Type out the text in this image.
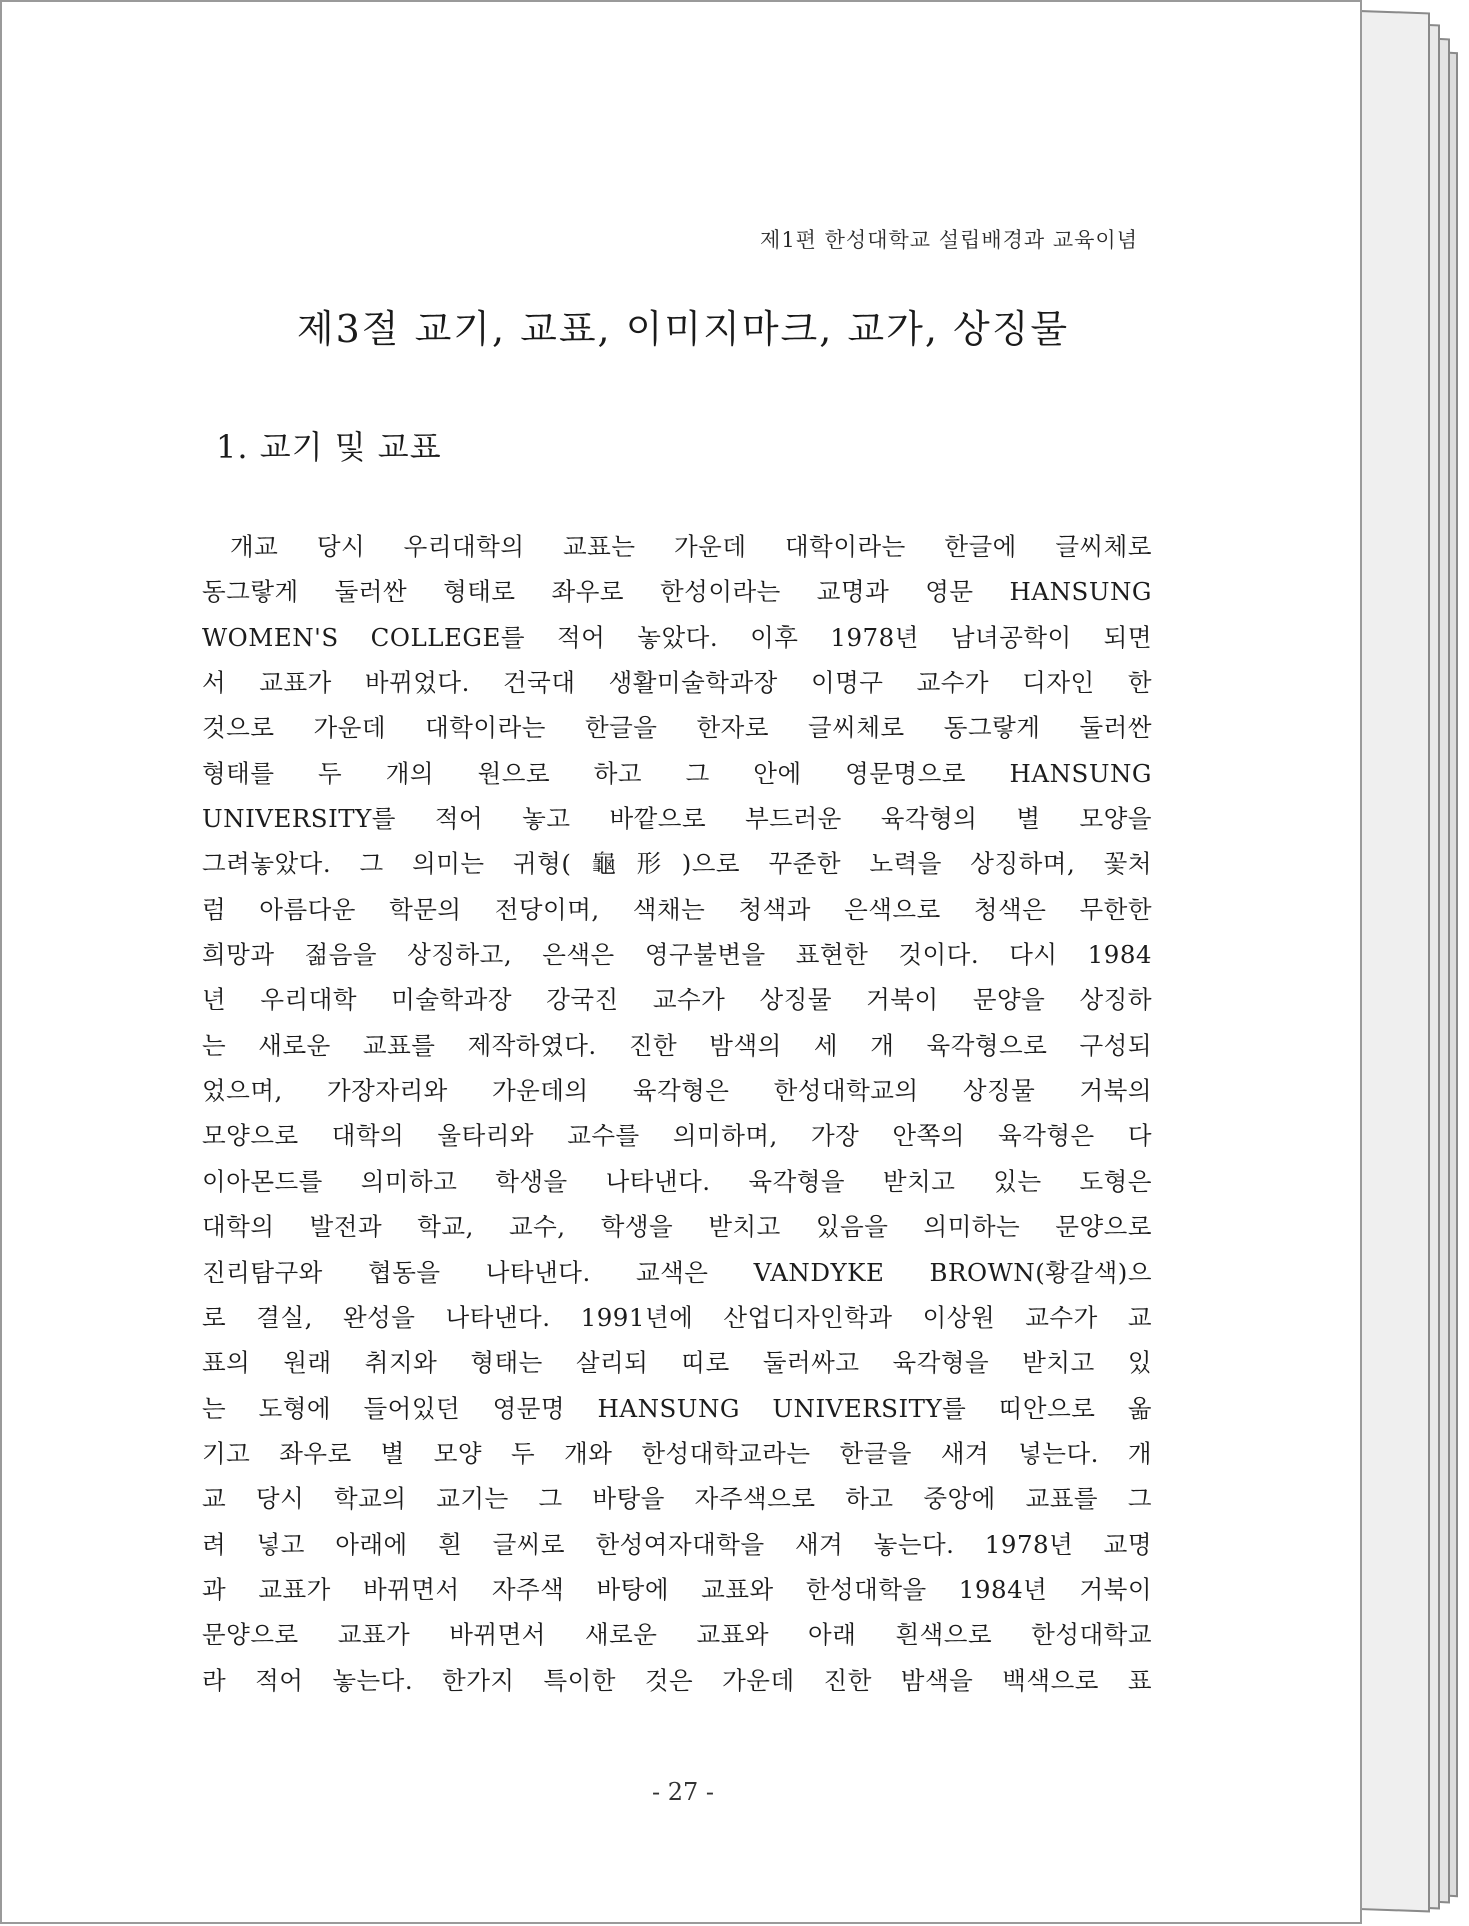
제1편 한성대학교 설립배경과 교육이념
제3절 교기, 교표, 이미지마크, 교가, 상징물
1. 교기 및 교표
개교 당시 우리대학의 교표는 가운데 대학이라는 한글에 글씨체로
동그랗게 둘러싼 형태로 좌우로 한성이라는 교명과 영문 HANSUNG
WOMEN'S COLLEGE를 적어 놓았다. 이후 1978년 남녀공학이 되면
서 교표가 바뀌었다. 건국대 생활미술학과장 이명구 교수가 디자인 한
것으로 가운데 대학이라는 한글을 한자로 글씨체로 동그랗게 둘러싼
형태를 두 개의 원으로 하고 그 안에 영문명으로 HANSUNG
UNIVERSITY를 적어 놓고 바깥으로 부드러운 육각형의 별 모양을
그려놓았다. 그 의미는 귀형(龜形)으로 꾸준한 노력을 상징하며, 꽃처
럼 아름다운 학문의 전당이며, 색채는 청색과 은색으로 청색은 무한한
희망과 젊음을 상징하고, 은색은 영구불변을 표현한 것이다. 다시 1984
년 우리대학 미술학과장 강국진 교수가 상징물 거북이 문양을 상징하
는 새로운 교표를 제작하였다. 진한 밤색의 세 개 육각형으로 구성되
었으며, 가장자리와 가운데의 육각형은 한성대학교의 상징물 거북의
모양으로 대학의 울타리와 교수를 의미하며, 가장 안쪽의 육각형은 다
이아몬드를 의미하고 학생을 나타낸다. 육각형을 받치고 있는 도형은
대학의 발전과 학교, 교수, 학생을 받치고 있음을 의미하는 문양으로
진리탐구와 협동을 나타낸다. 교색은 VANDYKE BROWN(황갈색)으
로 결실, 완성을 나타낸다. 1991년에 산업디자인학과 이상원 교수가 교
표의 원래 취지와 형태는 살리되 띠로 둘러싸고 육각형을 받치고 있
는 도형에 들어있던 영문명 HANSUNG UNIVERSITY를 띠안으로 옮
기고 좌우로 별 모양 두 개와 한성대학교라는 한글을 새겨 넣는다. 개
교 당시 학교의 교기는 그 바탕을 자주색으로 하고 중앙에 교표를 그
려 넣고 아래에 흰 글씨로 한성여자대학을 새겨 놓는다. 1978년 교명
과 교표가 바뀌면서 자주색 바탕에 교표와 한성대학을 1984년 거북이
문양으로 교표가 바뀌면서 새로운 교표와 아래 흰색으로 한성대학교
라 적어 놓는다. 한가지 특이한 것은 가운데 진한 밤색을 백색으로 표
- 27 -
